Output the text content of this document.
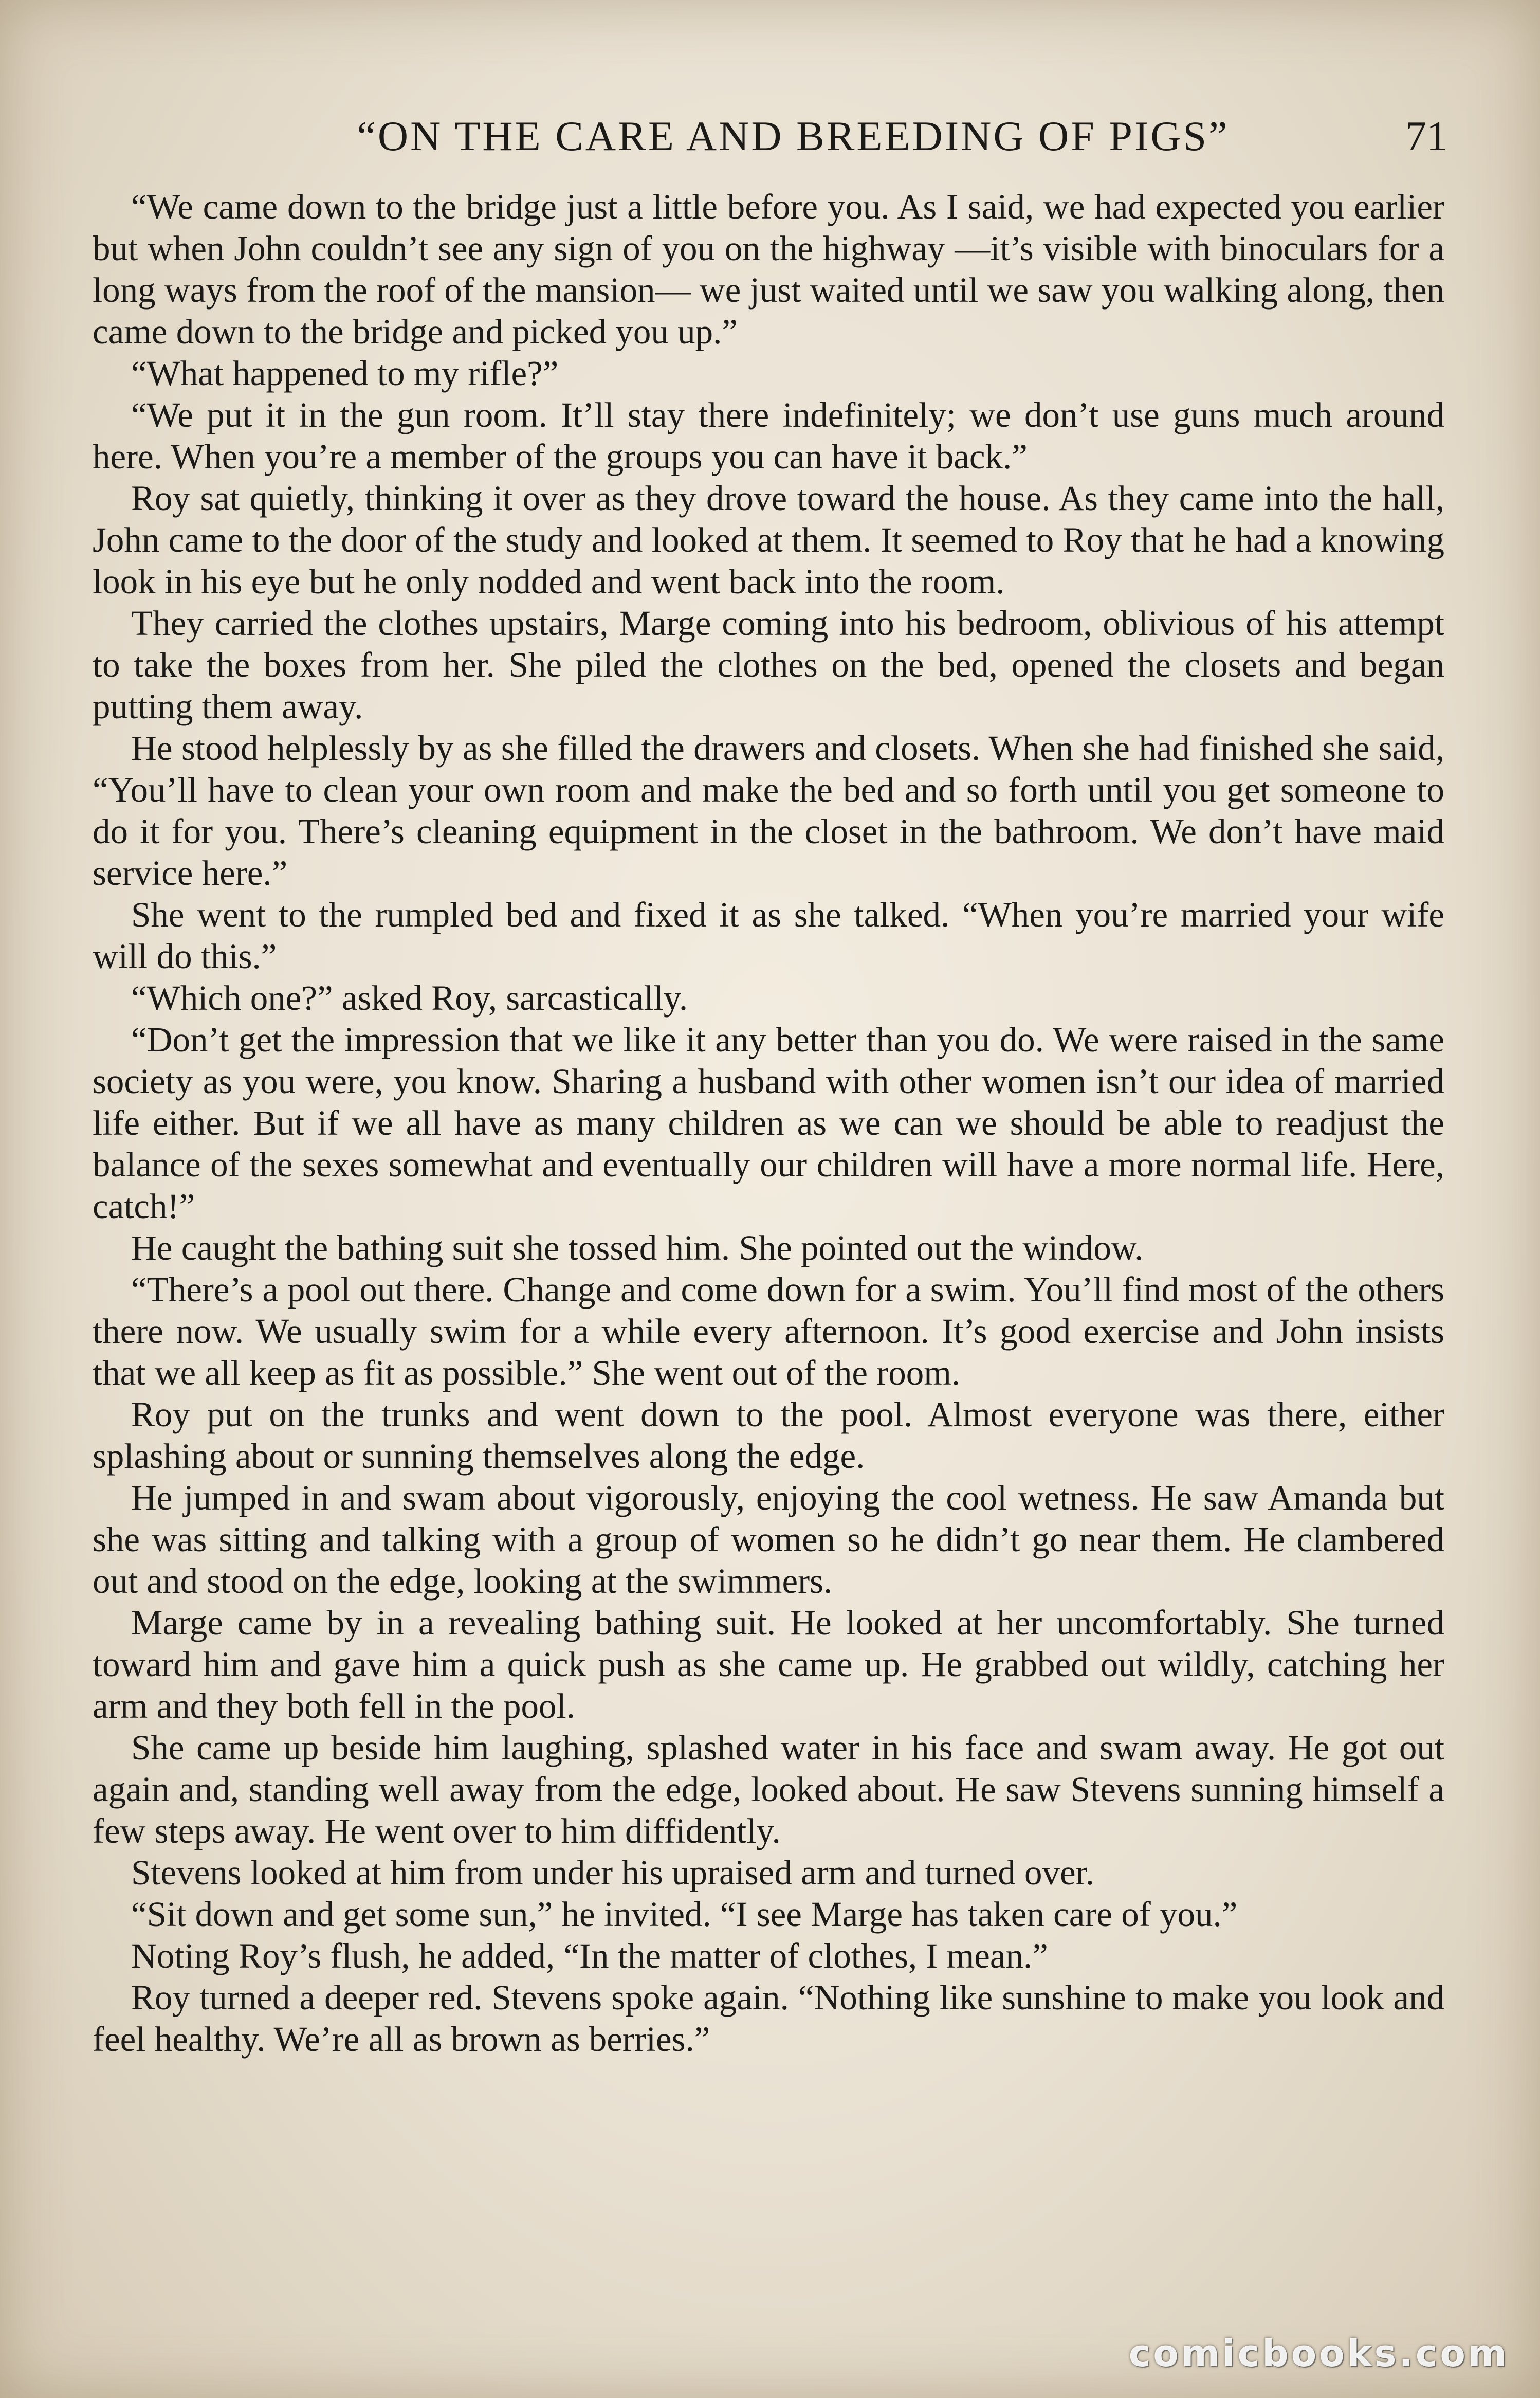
“ON THE CARE AND BREEDING OF PIGS”	71

“We came down to the bridge just a little before you. As I said, we had expected you earlier but when John couldn’t see any sign of you on the highway —it’s visible with binoculars for a long ways from the roof of the mansion— we just waited until we saw you walking along, then came down to the bridge and picked you up.”

“What happened to my rifle?”

“We put it in the gun room. It’ll stay there indefinitely; we don’t use guns much around here. When you’re a member of the groups you can have it back.”

Roy sat quietly, thinking it over as they drove toward the house. As they came into the hall, John came to the door of the study and looked at them. It seemed to Roy that he had a knowing look in his eye but he only nodded and went back into the room.

They carried the clothes upstairs, Marge coming into his bedroom, oblivious of his attempt to take the boxes from her. She piled the clothes on the bed, opened the closets and began putting them away.

He stood helplessly by as she filled the drawers and closets. When she had finished she said, “You’ll have to clean your own room and make the bed and so forth until you get someone to do it for you. There’s cleaning equipment in the closet in the bathroom. We don’t have maid service here.”

She went to the rumpled bed and fixed it as she talked. “When you’re married your wife will do this.”

“Which one?” asked Roy, sarcastically.

“Don’t get the impression that we like it any better than you do. We were raised in the same society as you were, you know. Sharing a husband with other women isn’t our idea of married life either. But if we all have as many children as we can we should be able to readjust the balance of the sexes somewhat and eventually our children will have a more normal life. Here, catch!”

He caught the bathing suit she tossed him. She pointed out the window.

“There’s a pool out there. Change and come down for a swim. You’ll find most of the others there now. We usually swim for a while every afternoon. It’s good exercise and John insists that we all keep as fit as possible.” She went out of the room.

Roy put on the trunks and went down to the pool. Almost everyone was there, either splashing about or sunning themselves along the edge.

He jumped in and swam about vigorously, enjoying the cool wetness. He saw Amanda but she was sitting and talking with a group of women so he didn’t go near them. He clambered out and stood on the edge, looking at the swimmers.

Marge came by in a revealing bathing suit. He looked at her uncomfortably. She turned toward him and gave him a quick push as she came up. He grabbed out wildly, catching her arm and they both fell in the pool.

She came up beside him laughing, splashed water in his face and swam away. He got out again and, standing well away from the edge, looked about. He saw Stevens sunning himself a few steps away. He went over to him diffidently.

Stevens looked at him from under his upraised arm and turned over.

“Sit down and get some sun,” he invited. “I see Marge has taken care of you.”

Noting Roy’s flush, he added, “In the matter of clothes, I mean.”

Roy turned a deeper red. Stevens spoke again. “Nothing like sunshine to make you look and feel healthy. We’re all as brown as berries.”

comicbooks.com
